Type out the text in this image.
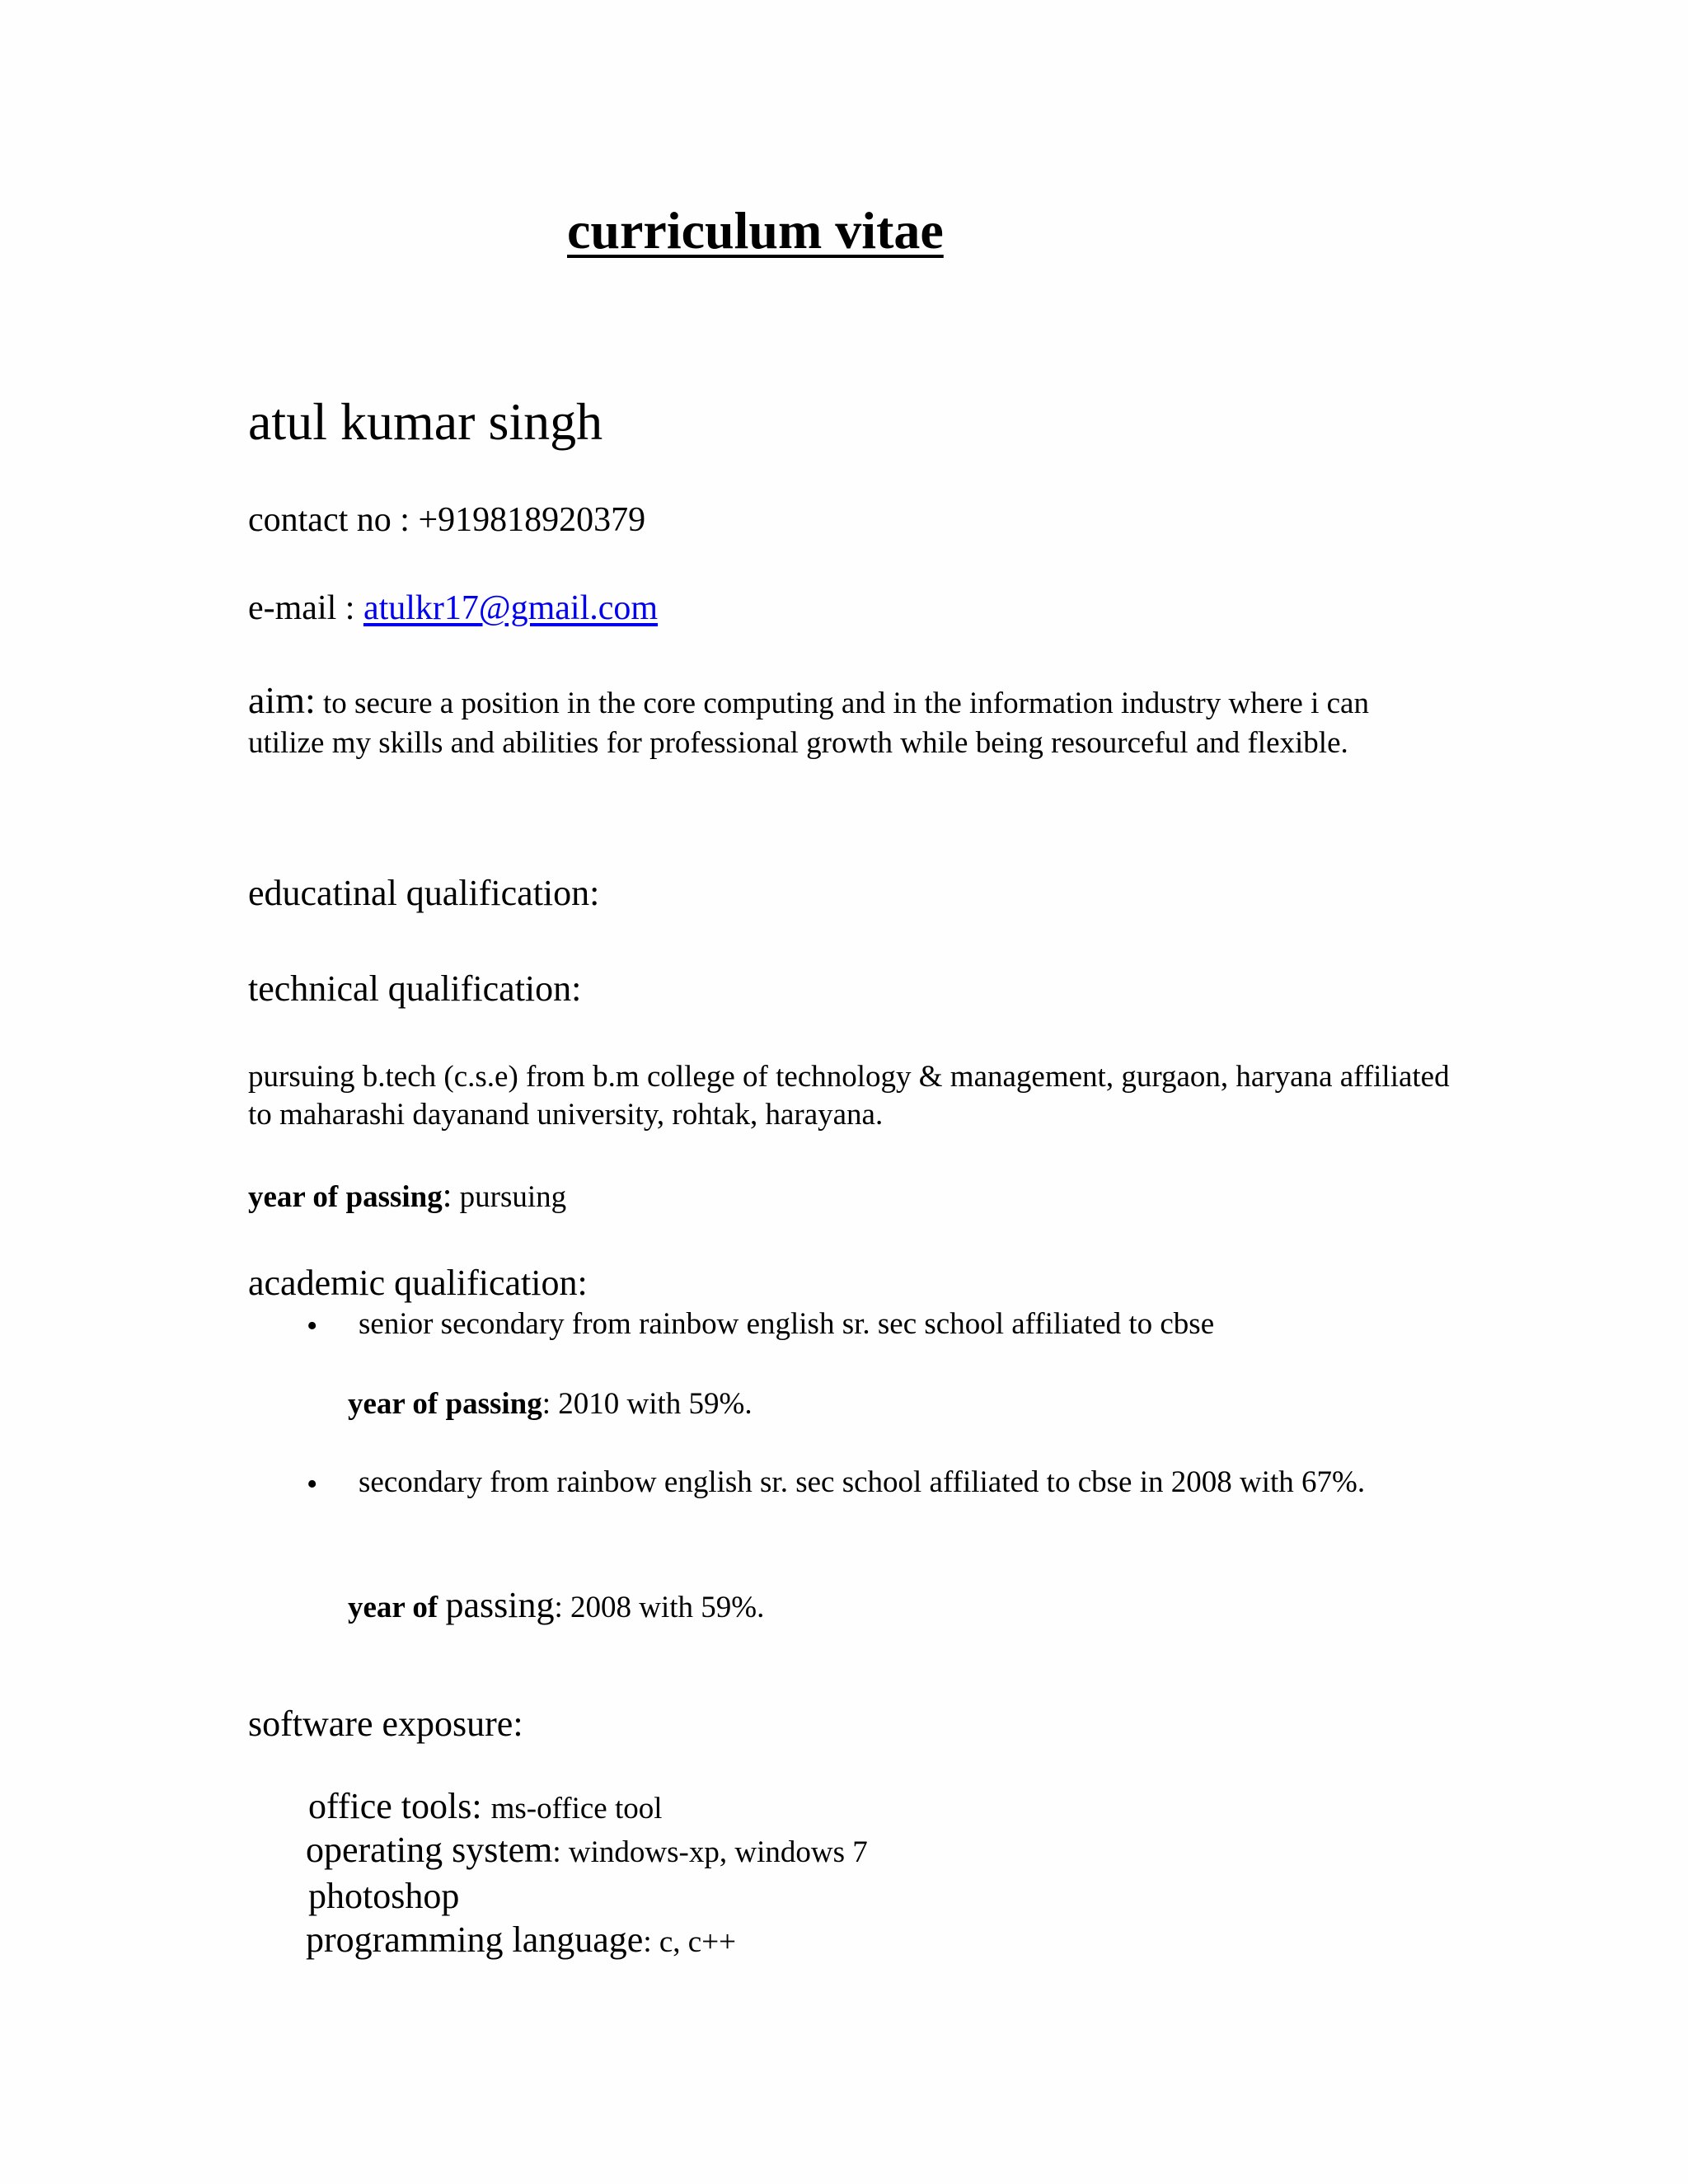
curriculum vitae
atul kumar singh
contact no : +919818920379
e-mail : atulkr17@gmail.com
aim: to secure a position in the core computing and in the information industry where i can utilize my skills and abilities for professional growth while being resourceful and flexible.
educatinal qualification:
technical qualification:
pursuing b.tech (c.s.e) from b.m college of technology & management, gurgaon, haryana affiliated to maharashi dayanand university, rohtak, harayana.
year of passing: pursuing
academic qualification:
• senior secondary from rainbow english sr. sec school affiliated to cbse
year of passing: 2010 with 59%.
• secondary from rainbow english sr. sec school affiliated to cbse in 2008 with 67%.
year of passing: 2008 with 59%.
software exposure:
office tools: ms-office tool
operating system: windows-xp, windows 7
photoshop
programming language: c, c++
